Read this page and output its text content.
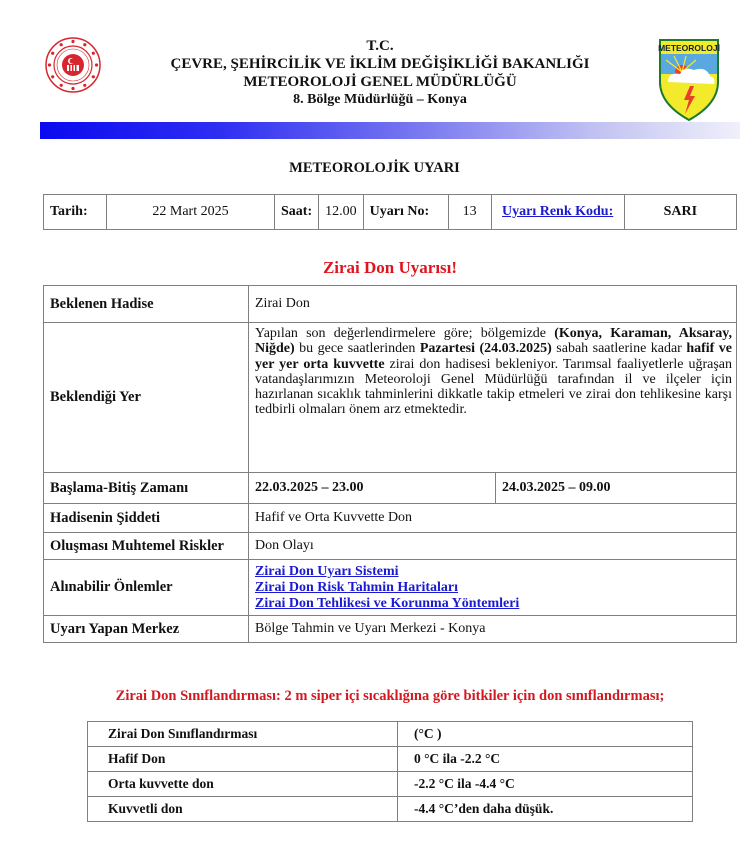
T.C.
ÇEVRE, ŞEHİRCİLİK VE İKLİM DEĞİŞİKLİĞİ BAKANLIĞI
METEOROLOJİ GENEL MÜDÜRLÜĞÜ
8. Bölge Müdürlüğü – Konya
METEOROLOJİ
METEOROLOJİK UYARI
Tarih:	22 Mart 2025	Saat:	12.00	Uyarı No:	13	Uyarı Renk Kodu:	SARI
Zirai Don Uyarısı!
Beklenen Hadise	Zirai Don	
Beklendiği Yer	Yapılan son değerlendirmelere göre; bölgemizde (Konya, Karaman, Aksaray, Niğde) bu gece saatlerinden Pazartesi (24.03.2025) sabah saatlerine kadar hafif ve yer yer orta kuvvette zirai don hadisesi bekleniyor. Tarımsal faaliyetlerle uğraşan vatandaşlarımızın Meteoroloji Genel Müdürlüğü tarafından il ve ilçeler için hazırlanan sıcaklık tahminlerini dikkatle takip etmeleri ve zirai don tehlikesine karşı tedbirli olmaları önem arz etmektedir.	
Başlama-Bitiş Zamanı	22.03.2025 – 23.00	24.03.2025 – 09.00
Hadisenin Şiddeti	Hafif ve Orta Kuvvette Don	
Oluşması Muhtemel Riskler	Don Olayı	
Alınabilir Önlemler	Zirai Don Uyarı Sistemi
Zirai Don Risk Tahmin Haritaları
Zirai Don Tehlikesi ve Korunma Yöntemleri	

Uyarı Yapan Merkez	Bölge Tahmin ve Uyarı Merkezi - Konya	
Zirai Don Sınıflandırması: 2 m siper içi sıcaklığına göre bitkiler için don sınıflandırması;
Zirai Don Sınıflandırması	(°C )
Hafif Don	0 °C ila -2.2 °C
Orta kuvvette don	-2.2 °C ila -4.4 °C
Kuvvetli don	-4.4 °C’den daha düşük.
